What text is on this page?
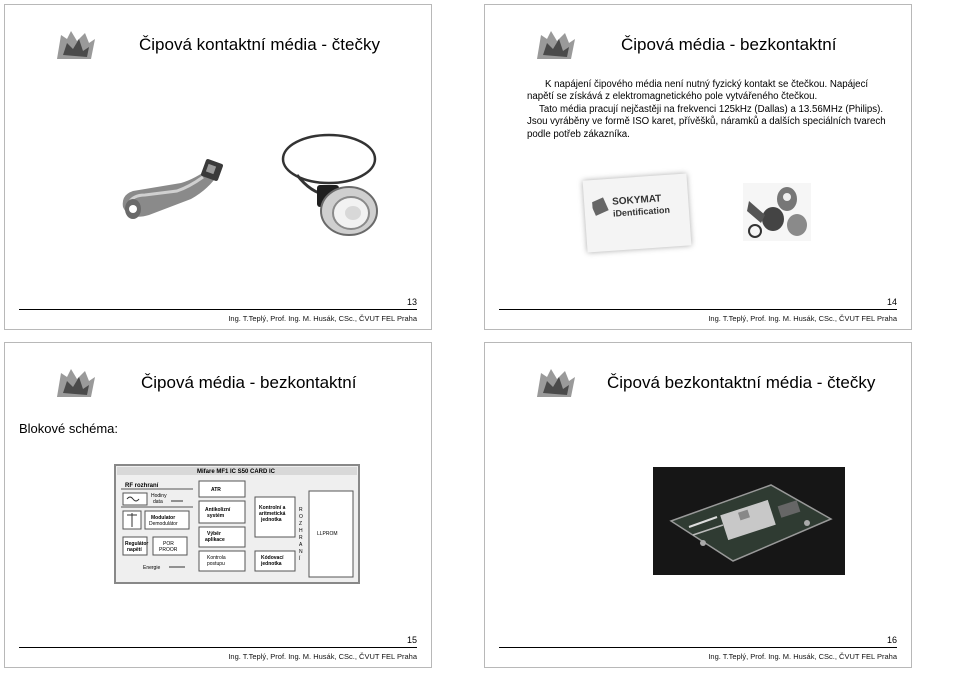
Čipová kontaktní média - čtečky
13
Ing. T.Teplý, Prof. Ing. M. Husák, CSc., ČVUT FEL Praha
Čipová média - bezkontaktní
K napájení čipového média není nutný fyzický kontakt se čtečkou. Napájecí
napětí se získává z elektromagnetického pole vytvářeného čtečkou.
Tato média pracují nejčastěji na frekvenci 125kHz (Dallas) a 13.56MHz (Philips).
Jsou vyráběny ve formě ISO karet, přívěšků, náramků a dalších speciálních tvarech
podle potřeb zákazníka.
SOKYMAT
iDentification
14
Ing. T.Teplý, Prof. Ing. M. Husák, CSc., ČVUT FEL Praha
Čipová média - bezkontaktní
Blokové schéma:
Mifare MF1 IC S50 CARD IC
RF rozhraní
Hodiny
data
Modulator
Demodulátor
Regulátor
napětí
POR
PROOR
Energie
ATR
Antikolizní
systém
Výběr
aplikace
Kontrola
postupu
Kontrolní a
aritmetická
jednotka
Kódovací
jednotka
R
O
Z
H
R
A
N
Í
LLPROM
15
Ing. T.Teplý, Prof. Ing. M. Husák, CSc., ČVUT FEL Praha
Čipová bezkontaktní média - čtečky
16
Ing. T.Teplý, Prof. Ing. M. Husák, CSc., ČVUT FEL Praha
